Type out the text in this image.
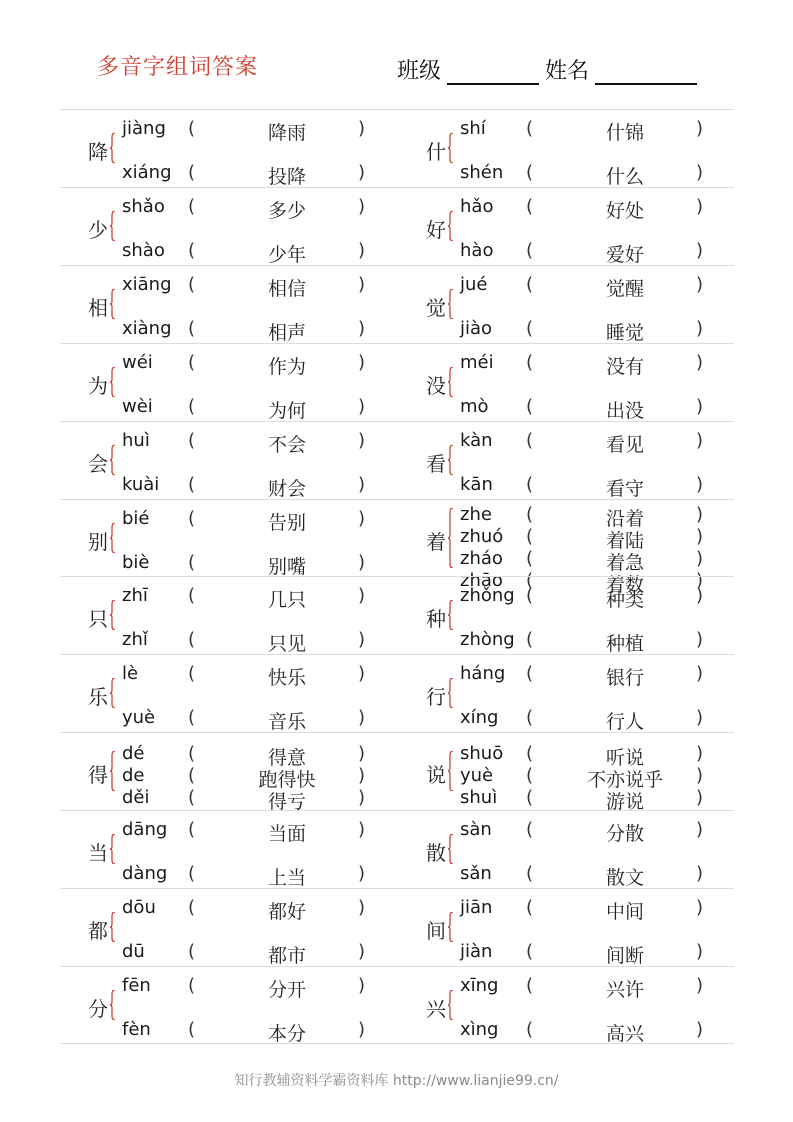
多音字组词答案	班级	姓名
降
jiàng (	降雨	)
xiáng (	投降	)
什
shí (	什锦	)
shén (	什么	)
少
shǎo (	多少	)
shào (	少年	)
好
hǎo (	好处	)
hào (	爱好	)
相
xiāng (	相信	)
xiàng (	相声	)
觉
jué (	觉醒	)
jiào (	睡觉	)
为
wéi (	作为	)
wèi (	为何	)
没
méi (	没有	)
mò (	出没	)
会
huì (	不会	)
kuài (	财会	)
看
kàn (	看见	)
kān (	看守	)
别
bié (	告别	)
biè (	别嘴	)
着
zhe (	沿着	)
zhuó (	着陆	)
zháo (	着急	)
zhāo (	着数	)
只
zhī (	几只	)
zhǐ (	只见	)
种
zhǒng (	种类	)
zhòng (	种植	)
乐
lè	(	快乐	)
yuè (	音乐	)
行
háng (	银行	)
xíng (	行人	)
得
dé (	得意	)
de (	跑得快	)
děi (	得亏	)
说
shuō (	听说	)
yuè (	不亦说乎	)
shuì (	游说	)
当
dāng (	当面	)
dàng (	上当	)
散
sàn (	分散	)
sǎn (	散文	)
都
dōu (	都好	)
dū (	都市	)
间
jiān (	中间	)
jiàn (	间断	)
分
fēn (	分开	)
fèn (	本分	)
兴
xīng (	兴许	)
xìng (	高兴	)
知行教辅资料学霸资料库 http://www.lianjie99.cn/
